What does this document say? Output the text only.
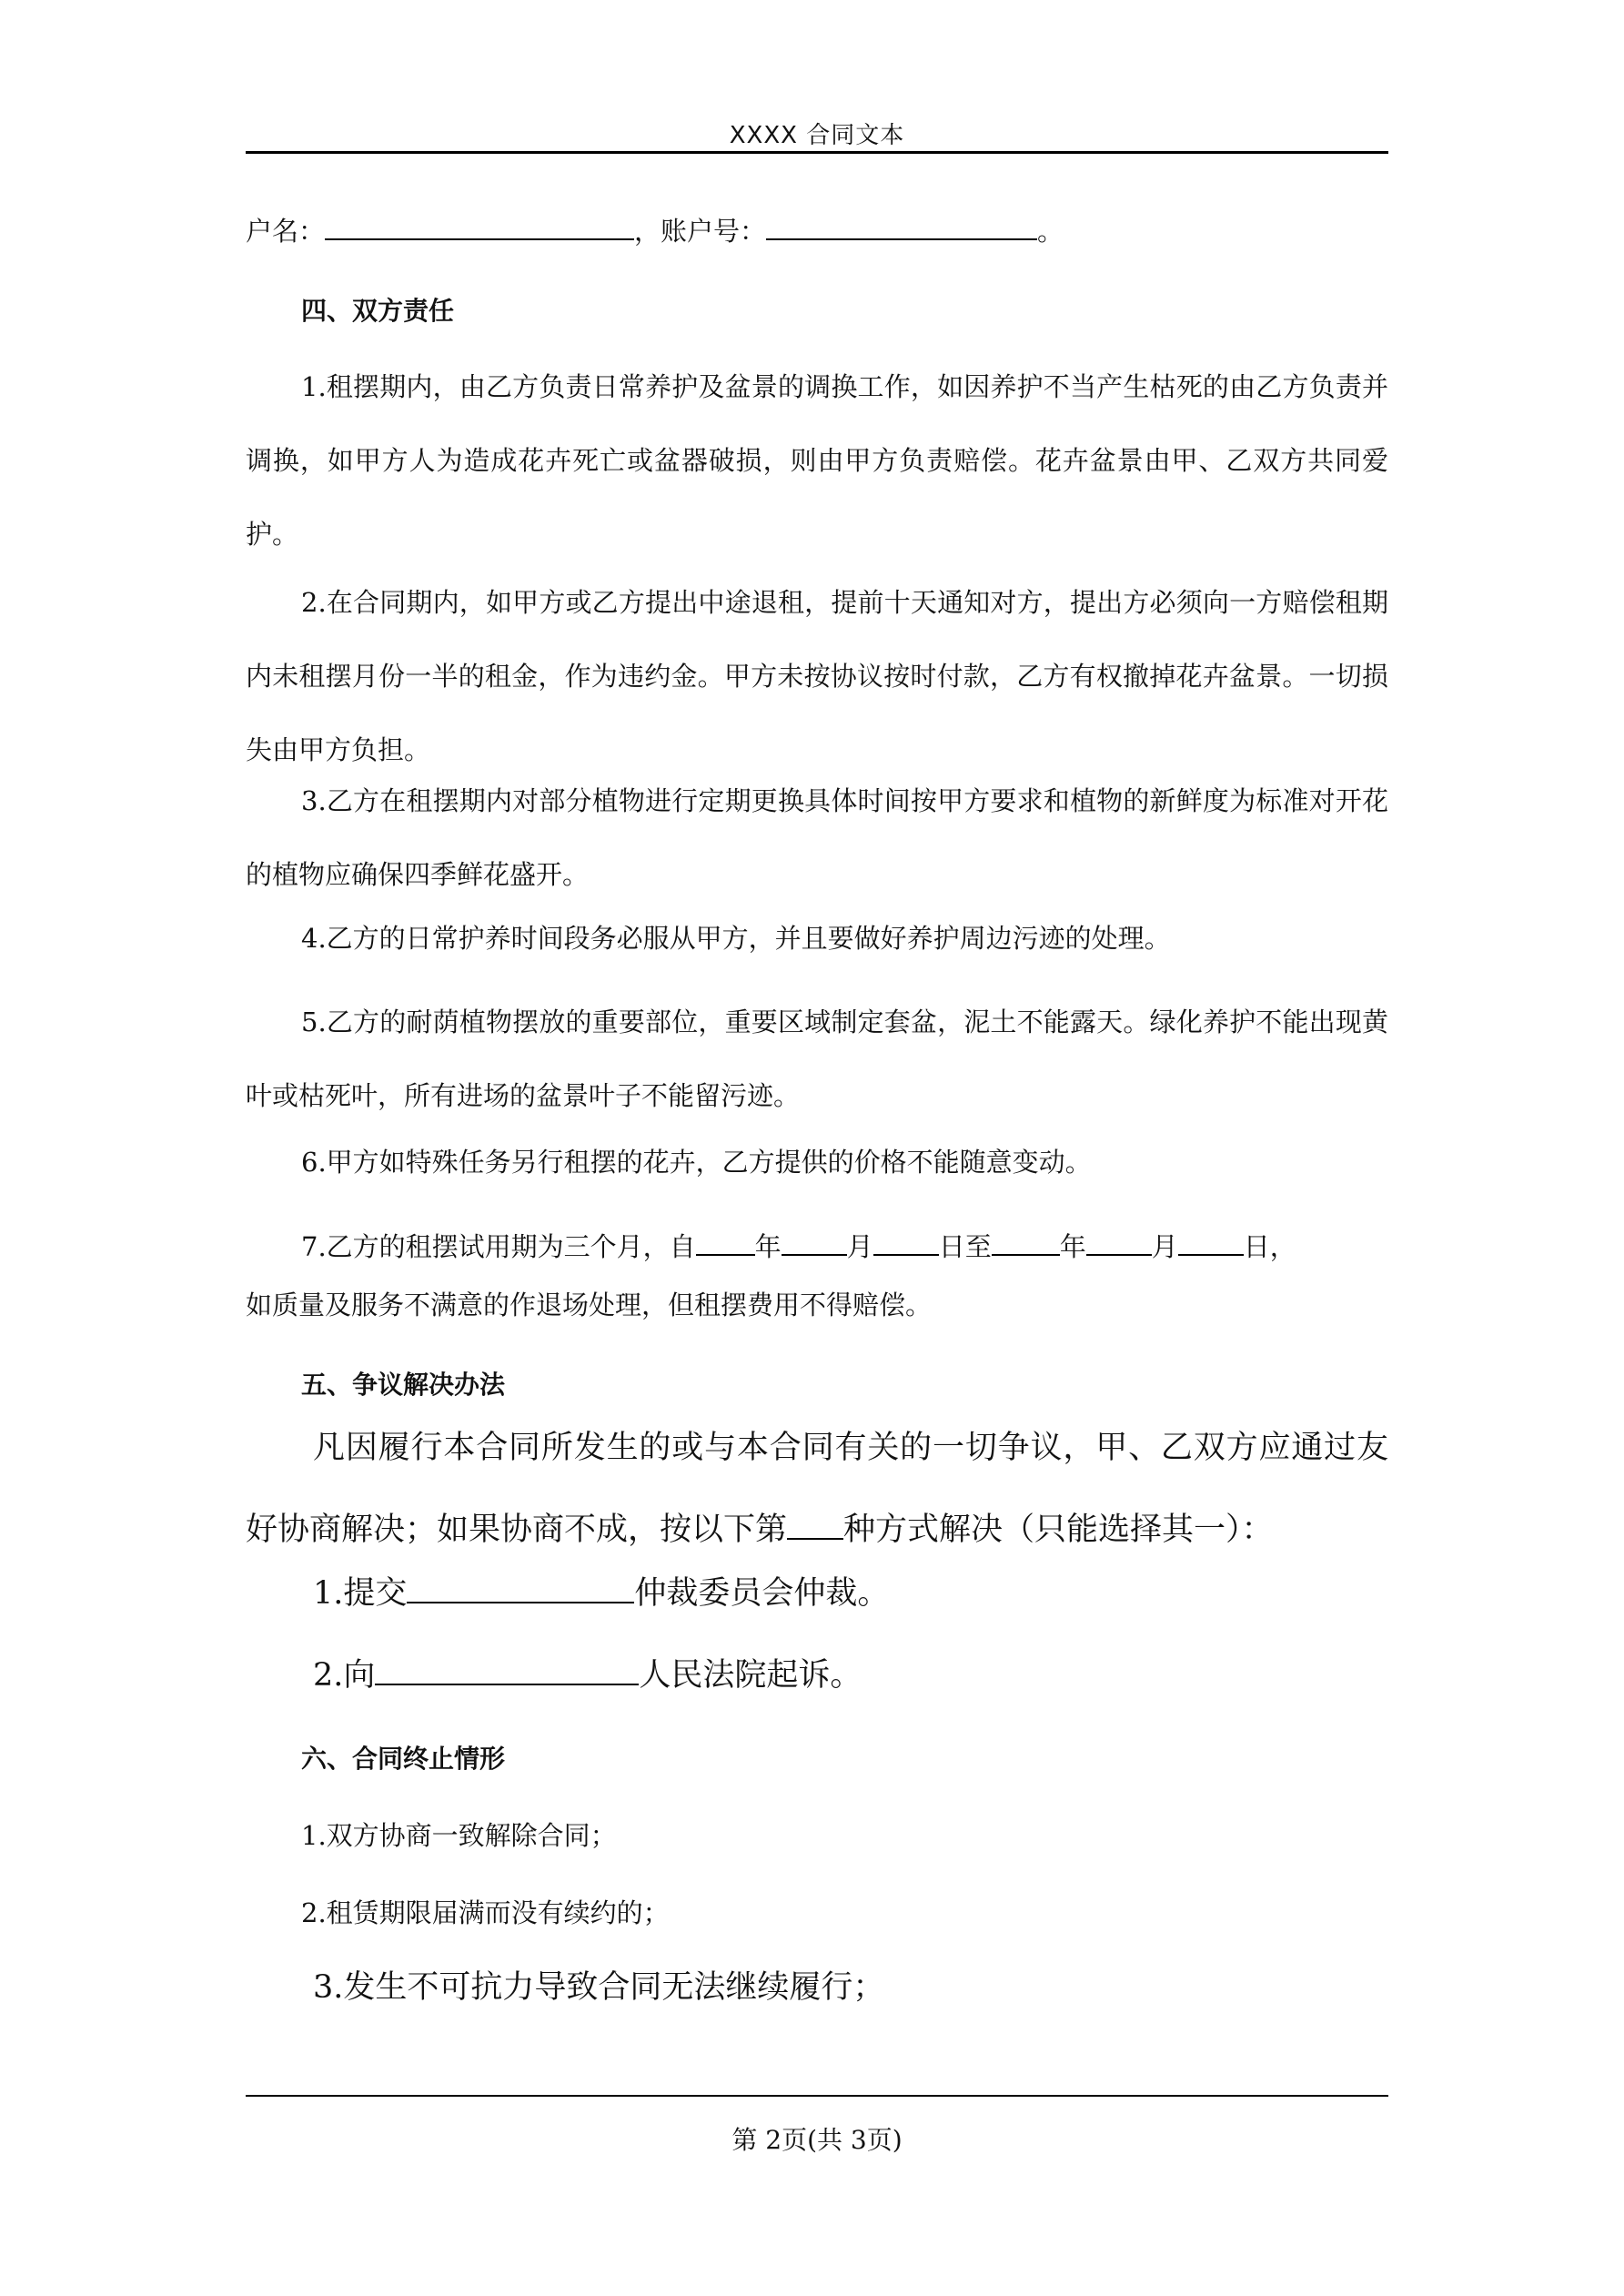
XXXX 合同文本
户名：	，账户号：	。
四、双方责任
1.租摆期内，由乙方负责日常养护及盆景的调换工作，如因养护不当产生枯死的由乙方负责并调换，如甲方人为造成花卉死亡或盆器破损，则由甲方负责赔偿。花卉盆景由甲、乙双方共同爱护。
2.在合同期内，如甲方或乙方提出中途退租，提前十天通知对方，提出方必须向一方赔偿租期内未租摆月份一半的租金，作为违约金。甲方未按协议按时付款，乙方有权撤掉花卉盆景。一切损失由甲方负担。
3.乙方在租摆期内对部分植物进行定期更换具体时间按甲方要求和植物的新鲜度为标准对开花的植物应确保四季鲜花盛开。
4.乙方的日常护养时间段务必服从甲方，并且要做好养护周边污迹的处理。
5.乙方的耐荫植物摆放的重要部位，重要区域制定套盆，泥土不能露天。绿化养护不能出现黄叶或枯死叶，所有进场的盆景叶子不能留污迹。
6.甲方如特殊任务另行租摆的花卉，乙方提供的价格不能随意变动。
7.乙方的租摆试用期为三个月，自 年 月 日至	年 月 日，
如质量及服务不满意的作退场处理，但租摆费用不得赔偿。
五、争议解决办法
凡因履行本合同所发生的或与本合同有关的一切争议，甲、乙双方应通过友好协商解决；如果协商不成，按以下第 种方式解决（只能选择其一）：
1.提交	仲裁委员会仲裁。
2.向	人民法院起诉。
六、合同终止情形
1.双方协商一致解除合同；
2.租赁期限届满而没有续约的；
3.发生不可抗力导致合同无法继续履行；
第 2页(共 3页)
